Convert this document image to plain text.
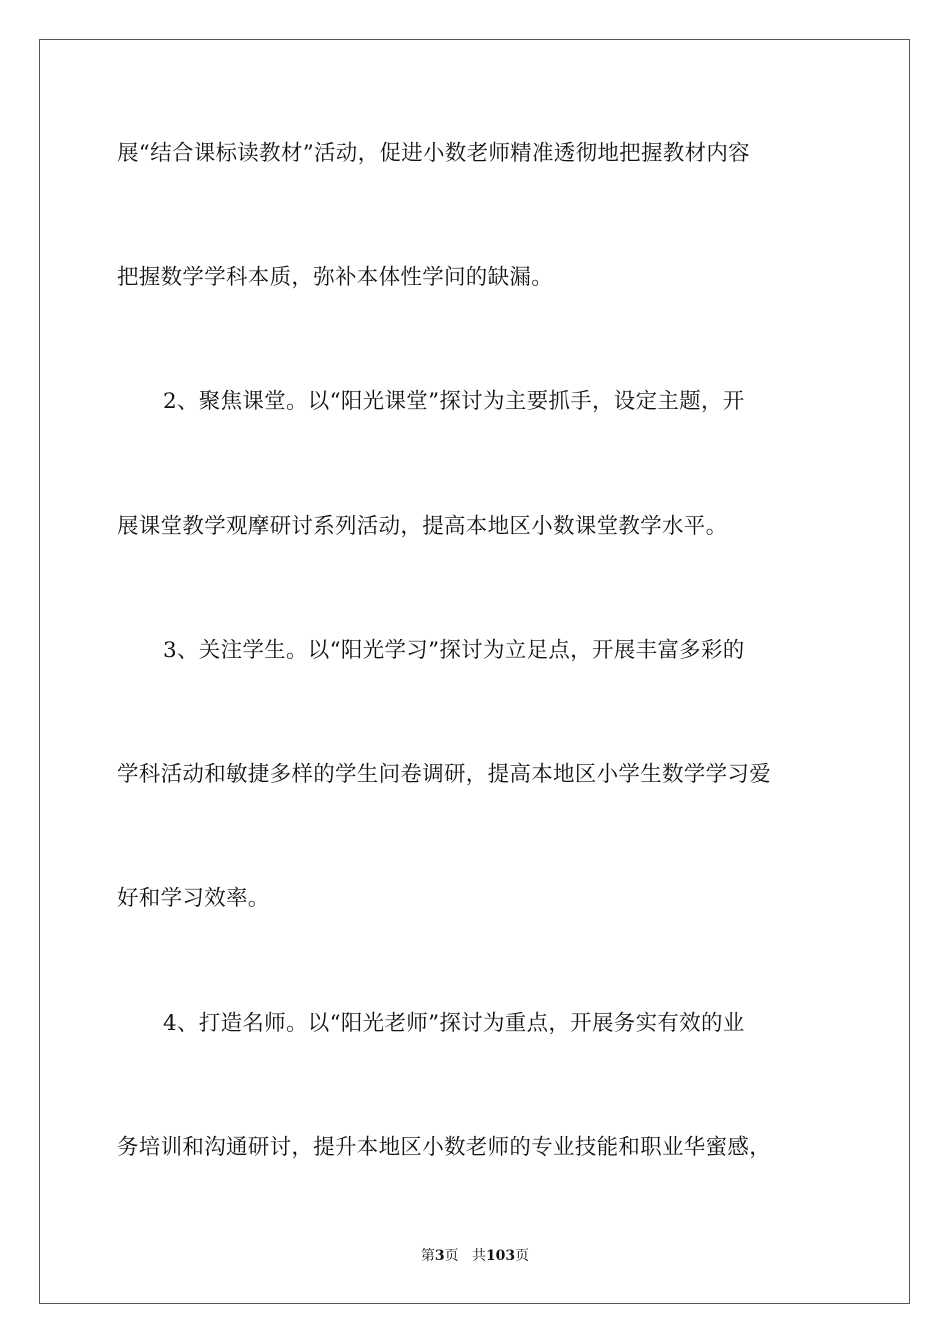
展“结合课标读教材”活动，促进小数老师精准透彻地把握教材内容
把握数学学科本质，弥补本体性学问的缺漏。
2、聚焦课堂。以“阳光课堂”探讨为主要抓手，设定主题，开
展课堂教学观摩研讨系列活动，提高本地区小数课堂教学水平。
3、关注学生。以“阳光学习”探讨为立足点，开展丰富多彩的
学科活动和敏捷多样的学生问卷调研，提高本地区小学生数学学习爱
好和学习效率。
4、打造名师。以“阳光老师”探讨为重点，开展务实有效的业
务培训和沟通研讨，提升本地区小数老师的专业技能和职业华蜜感，
第3页 共103页
